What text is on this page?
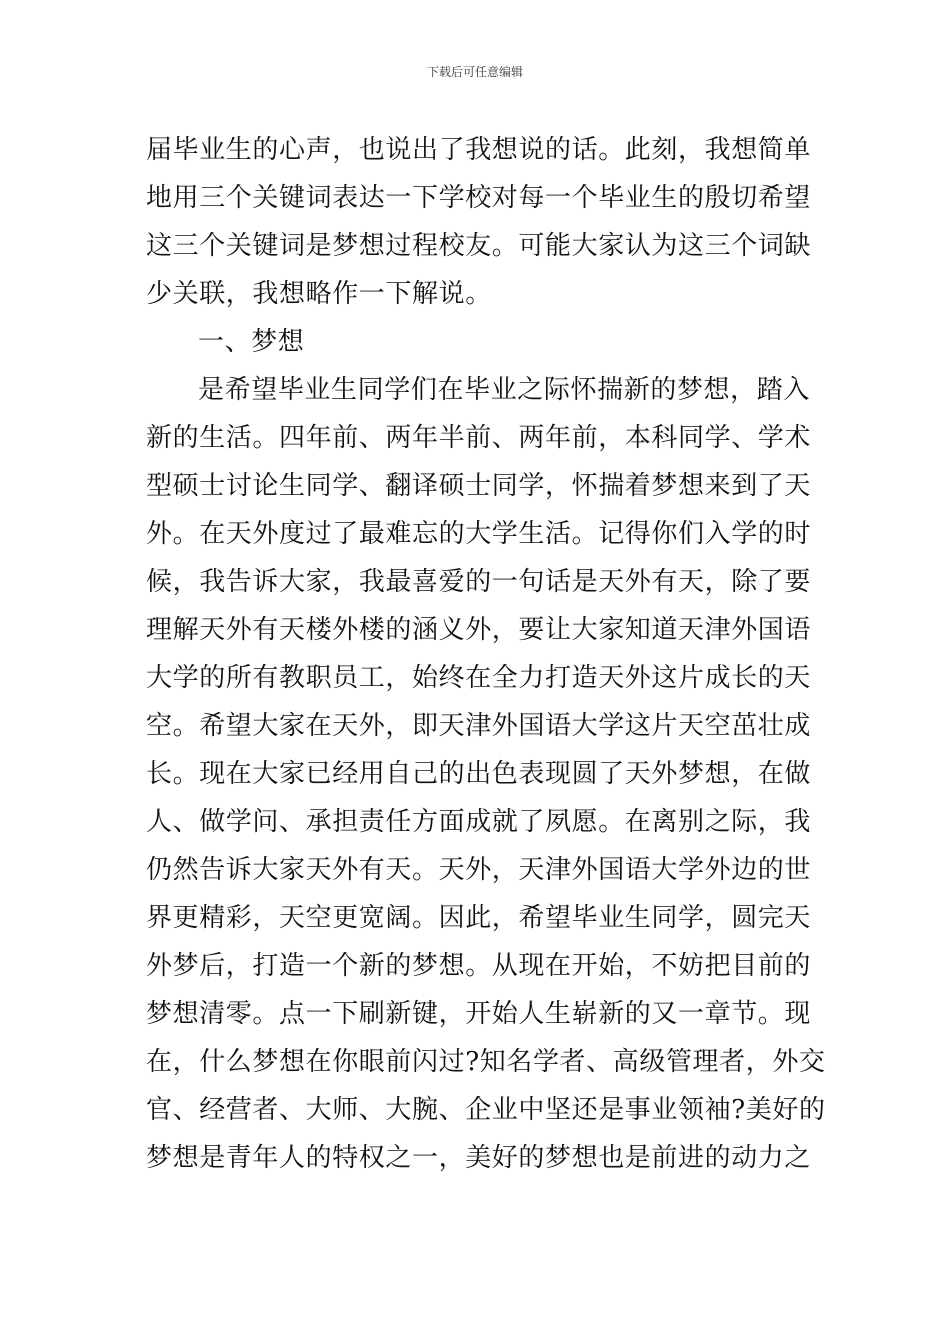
下载后可任意编辑
届毕业生的心声，也说出了我想说的话。此刻，我想简单
地用三个关键词表达一下学校对每一个毕业生的殷切希望
这三个关键词是梦想过程校友。可能大家认为这三个词缺
少关联，我想略作一下解说。
一、梦想
是希望毕业生同学们在毕业之际怀揣新的梦想，踏入
新的生活。四年前、两年半前、两年前，本科同学、学术
型硕士讨论生同学、翻译硕士同学，怀揣着梦想来到了天
外。在天外度过了最难忘的大学生活。记得你们入学的时
候，我告诉大家，我最喜爱的一句话是天外有天，除了要
理解天外有天楼外楼的涵义外，要让大家知道天津外国语
大学的所有教职员工，始终在全力打造天外这片成长的天
空。希望大家在天外，即天津外国语大学这片天空茁壮成
长。现在大家已经用自己的出色表现圆了天外梦想，在做
人、做学问、承担责任方面成就了夙愿。在离别之际，我
仍然告诉大家天外有天。天外，天津外国语大学外边的世
界更精彩，天空更宽阔。因此，希望毕业生同学，圆完天
外梦后，打造一个新的梦想。从现在开始，不妨把目前的
梦想清零。点一下刷新键，开始人生崭新的又一章节。现
在，什么梦想在你眼前闪过?知名学者、高级管理者，外交
官、经营者、大师、大腕、企业中坚还是事业领袖?美好的
梦想是青年人的特权之一，美好的梦想也是前进的动力之
